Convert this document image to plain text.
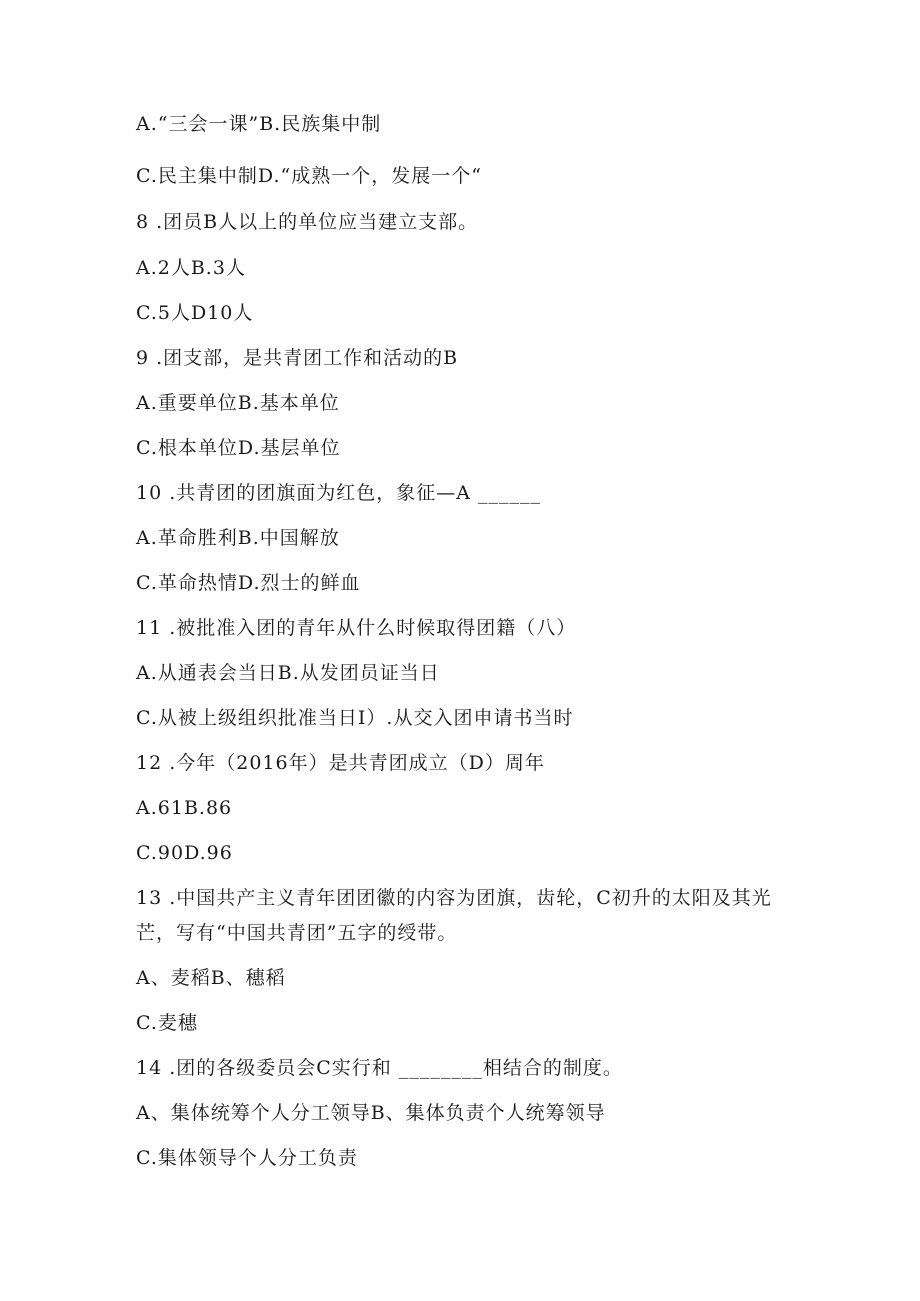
A.“三会一课”B.民族集中制
C.民主集中制D.“成熟一个，发展一个“
8 .团员B人以上的单位应当建立支部。
A.2人B.3人
C.5人D10人
9 .团支部，是共青团工作和活动的B
A.重要单位B.基本单位
C.根本单位D.基层单位
10 .共青团的团旗面为红色，象征—A ______
A.革命胜利B.中国解放
C.革命热情D.烈士的鲜血
11 .被批准入团的青年从什么时候取得团籍（八）
A.从通表会当日B.从发团员证当日
C.从被上级组织批准当日I）.从交入团申请书当时
12 .今年（2016年）是共青团成立（D）周年
A.61B.86
C.90D.96
13 .中国共产主义青年团团徽的内容为团旗，齿轮，C初升的太阳及其光
芒，写有“中国共青团”五字的绶带。
A、麦稻B、穗稻
C.麦穗
14 .团的各级委员会C实行和 ________相结合的制度。
A、集体统筹个人分工领导B、集体负责个人统筹领导
C.集体领导个人分工负责
